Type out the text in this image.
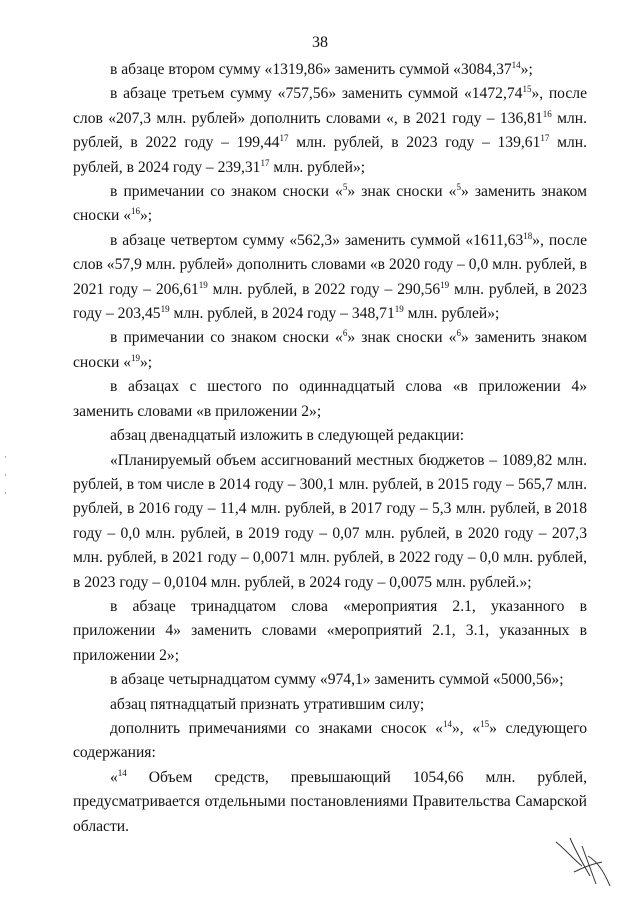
38

в абзаце втором сумму «1319,86» заменить суммой «3084,37$^{14}$»;

в абзаце третьем сумму «757,56» заменить суммой «1472,74$^{15}$», после слов «207,3 млн. рублей» дополнить словами «, в 2021 году – 136,81$^{16}$ млн. рублей, в 2022 году – 199,44$^{17}$ млн. рублей, в 2023 году – 139,61$^{17}$ млн. рублей, в 2024 году – 239,31$^{17}$ млн. рублей»;

в примечании со знаком сноски «$^5$» знак сноски «$^5$» заменить знаком сноски «$^{16}$»;

в абзаце четвертом сумму «562,3» заменить суммой «1611,63$^{18}$», после слов «57,9 млн. рублей» дополнить словами «в 2020 году – 0,0 млн. рублей, в 2021 году – 206,61$^{19}$ млн. рублей, в 2022 году – 290,56$^{19}$ млн. рублей, в 2023 году – 203,45$^{19}$ млн. рублей, в 2024 году – 348,71$^{19}$ млн. рублей»;

в примечании со знаком сноски «$^6$» знак сноски «$^6$» заменить знаком сноски «$^{19}$»;

в абзацах с шестого по одиннадцатый слова «в приложении 4» заменить словами «в приложении 2»;

абзац двенадцатый изложить в следующей редакции:

«Планируемый объем ассигнований местных бюджетов – 1089,82 млн. рублей, в том числе в 2014 году – 300,1 млн. рублей, в 2015 году – 565,7 млн. рублей, в 2016 году – 11,4 млн. рублей, в 2017 году – 5,3 млн. рублей, в 2018 году – 0,0 млн. рублей, в 2019 году – 0,07 млн. рублей, в 2020 году – 207,3 млн. рублей, в 2021 году – 0,0071 млн. рублей, в 2022 году – 0,0 млн. рублей, в 2023 году – 0,0104 млн. рублей, в 2024 году – 0,0075 млн. рублей.»;

в абзаце тринадцатом слова «мероприятия 2.1, указанного в приложении 4» заменить словами «мероприятий 2.1, 3.1, указанных в приложении 2»;

в абзаце четырнадцатом сумму «974,1» заменить суммой «5000,56»;

абзац пятнадцатый признать утратившим силу;

дополнить примечаниями со знаками сносок «$^{14}$», «$^{15}$» следующего содержания:

«$^{14}$ Объем средств, превышающий 1054,66 млн. рублей, предусматривается отдельными постановлениями Правительства Самарской области.

·
·
·
